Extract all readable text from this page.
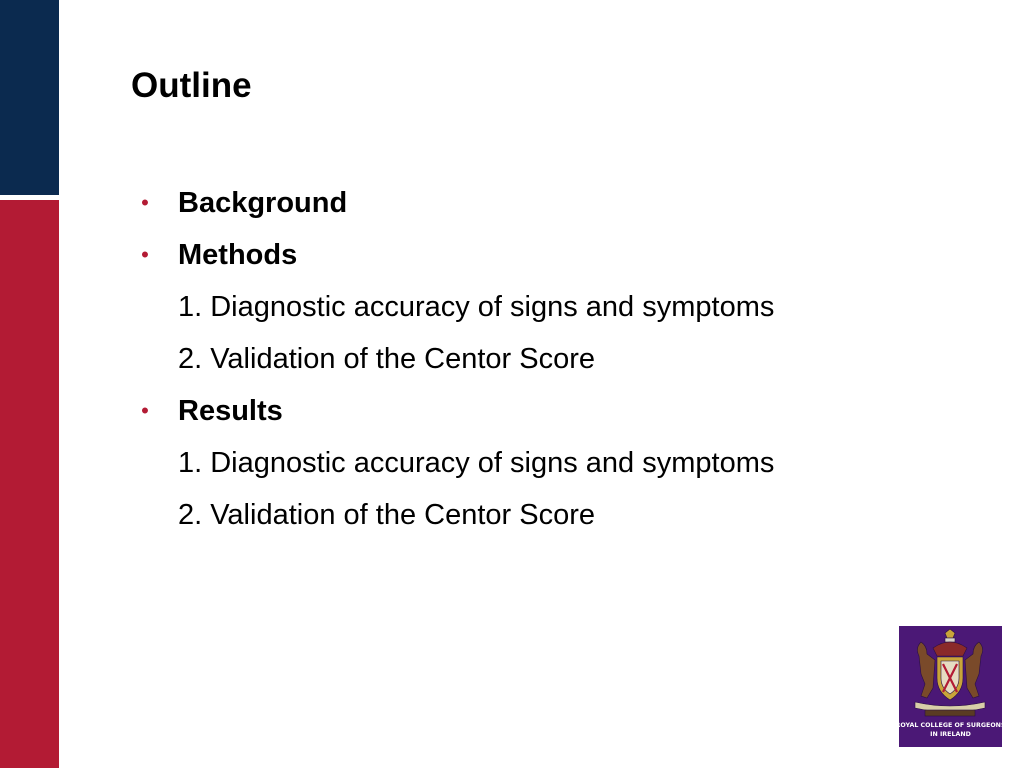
Outline
• Background
• Methods
1. Diagnostic accuracy of signs and symptoms
2. Validation of the Centor Score
• Results
1. Diagnostic accuracy of signs and symptoms
2. Validation of the Centor Score
ROYAL COLLEGE OF SURGEONS
IN IRELAND
